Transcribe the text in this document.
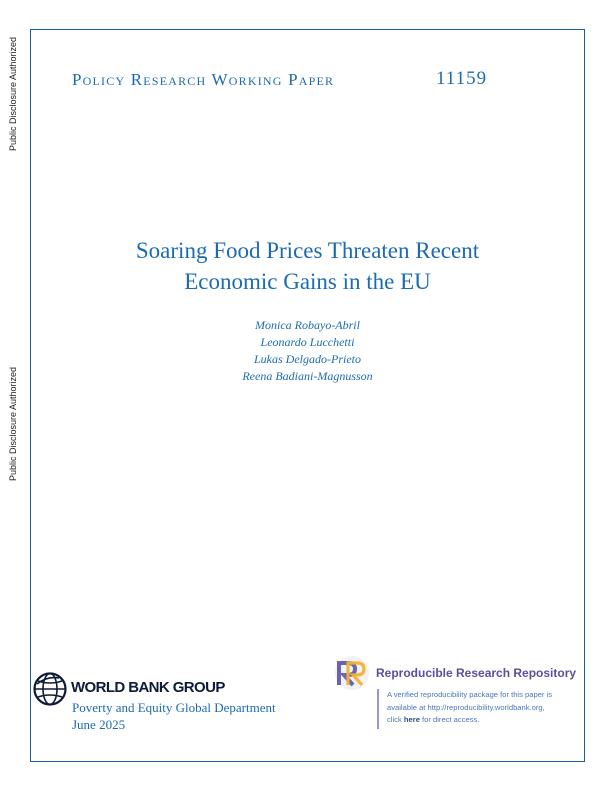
Public Disclosure Authorized
Public Disclosure Authorized
Policy Research Working Paper	11159
Soaring Food Prices Threaten Recent
Economic Gains in the EU
Monica Robayo-Abril
Leonardo Lucchetti
Lukas Delgado-Prieto
Reena Badiani-Magnusson
WORLD BANK GROUP
Poverty and Equity Global Department
June 2025
Reproducible Research Repository
A verified reproducibility package for this paper is
available at http://reproducibility.worldbank.org,
click here for direct access.
